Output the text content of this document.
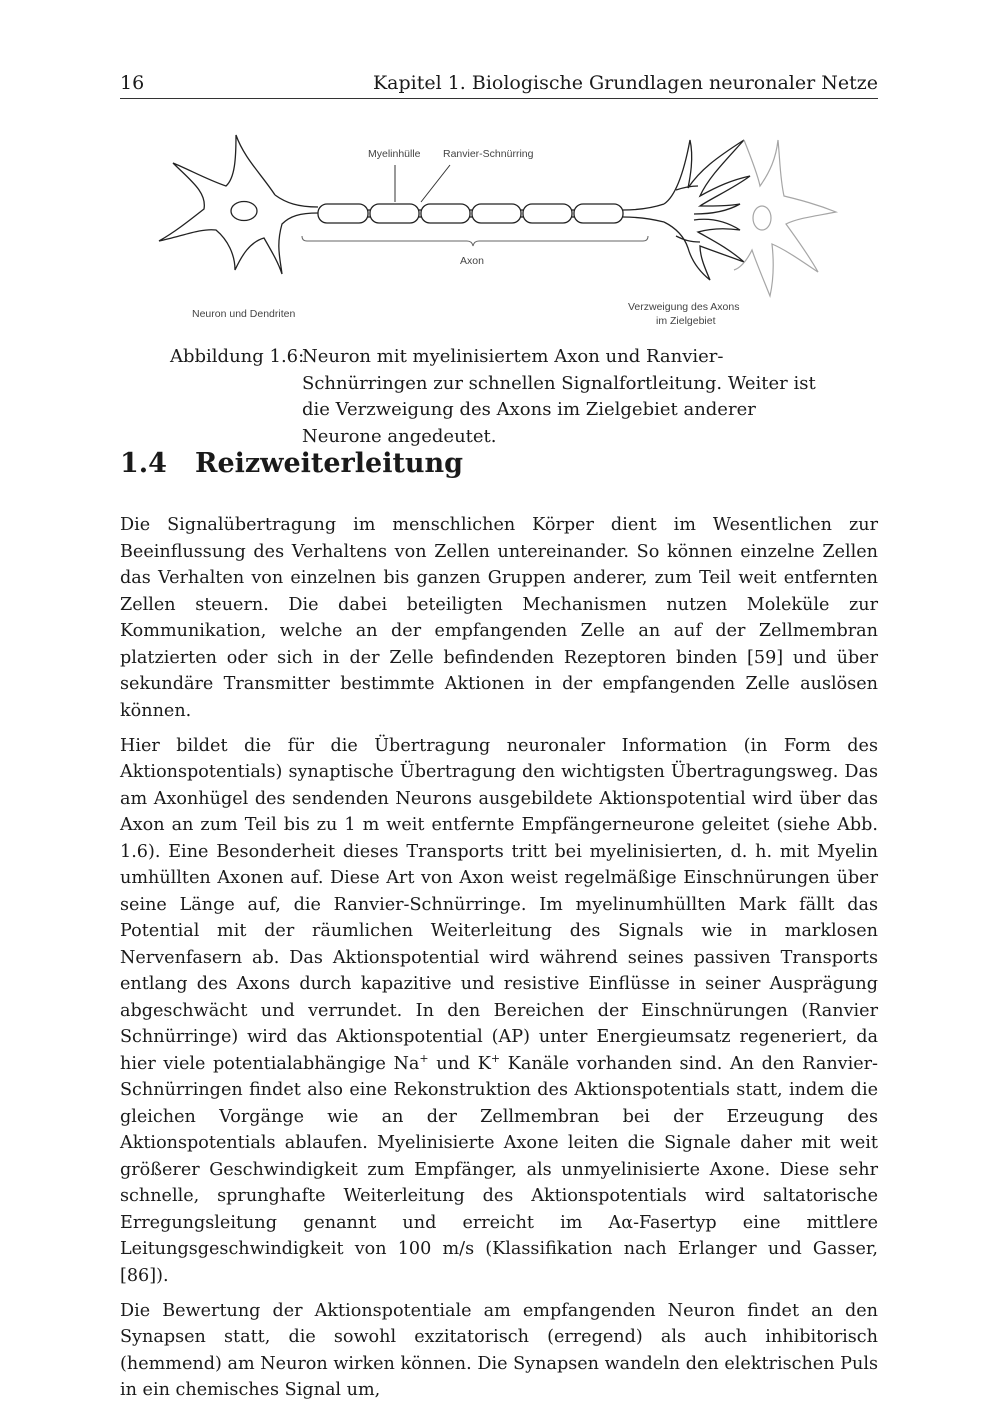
16	Kapitel 1. Biologische Grundlagen neuronaler Netze
Myelinhülle Ranvier-Schnürring
Axon
Neuron und Dendriten
Verzweigung des Axons
im Zielgebiet
Abbildung 1.6:
Neuron mit myelinisiertem Axon und Ranvier-Schnürringen zur schnellen Signalfortleitung. Weiter ist die Verzweigung des Axons im Zielgebiet anderer Neurone angedeutet.
1.4 Reizweiterleitung

Die Signalübertragung im menschlichen Körper dient im Wesentlichen zur Beeinflussung des Verhaltens von Zellen untereinander. So können einzelne Zellen das Verhalten von einzelnen bis ganzen Gruppen anderer, zum Teil weit entfernten Zellen steuern. Die dabei beteiligten Mechanismen nutzen Moleküle zur Kommunikation, welche an der empfangenden Zelle an auf der Zellmembran platzierten oder sich in der Zelle befindenden Rezeptoren binden [59] und über sekundäre Transmitter bestimmte Aktionen in der empfangenden Zelle auslösen können.

Hier bildet die für die Übertragung neuronaler Information (in Form des Aktionspotentials) synaptische Übertragung den wichtigsten Übertragungsweg. Das am Axonhügel des sendenden Neurons ausgebildete Aktionspotential wird über das Axon an zum Teil bis zu 1 m weit entfernte Empfängerneurone geleitet (siehe Abb. 1.6). Eine Besonderheit dieses Transports tritt bei myelinisierten, d. h. mit Myelin umhüllten Axonen auf. Diese Art von Axon weist regelmäßige Einschnürungen über seine Länge auf, die Ranvier-Schnürringe. Im myelinumhüllten Mark fällt das Potential mit der räumlichen Weiterleitung des Signals wie in marklosen Nervenfasern ab. Das Aktionspotential wird während seines passiven Transports entlang des Axons durch kapazitive und resistive Einflüsse in seiner Ausprägung abgeschwächt und verrundet. In den Bereichen der Einschnürungen (Ranvier Schnürringe) wird das Aktionspotential (AP) unter Energieumsatz regeneriert, da hier viele potentialabhängige Na+ und K+ Kanäle vorhanden sind. An den Ranvier-Schnürringen findet also eine Rekonstruktion des Aktionspotentials statt, indem die gleichen Vorgänge wie an der Zellmembran bei der Erzeugung des Aktionspotentials ablaufen. Myelinisierte Axone leiten die Signale daher mit weit größerer Geschwindigkeit zum Empfänger, als unmyelinisierte Axone. Diese sehr schnelle, sprunghafte Weiterleitung des Aktionspotentials wird saltatorische Erregungsleitung genannt und erreicht im Aα-Fasertyp eine mittlere Leitungsgeschwindigkeit von 100 m/s (Klassifikation nach Erlanger und Gasser, [86]).

Die Bewertung der Aktionspotentiale am empfangenden Neuron findet an den Synapsen statt, die sowohl exzitatorisch (erregend) als auch inhibitorisch (hemmend) am Neuron wirken können. Die Synapsen wandeln den elektrischen Puls in ein chemisches Signal um,
